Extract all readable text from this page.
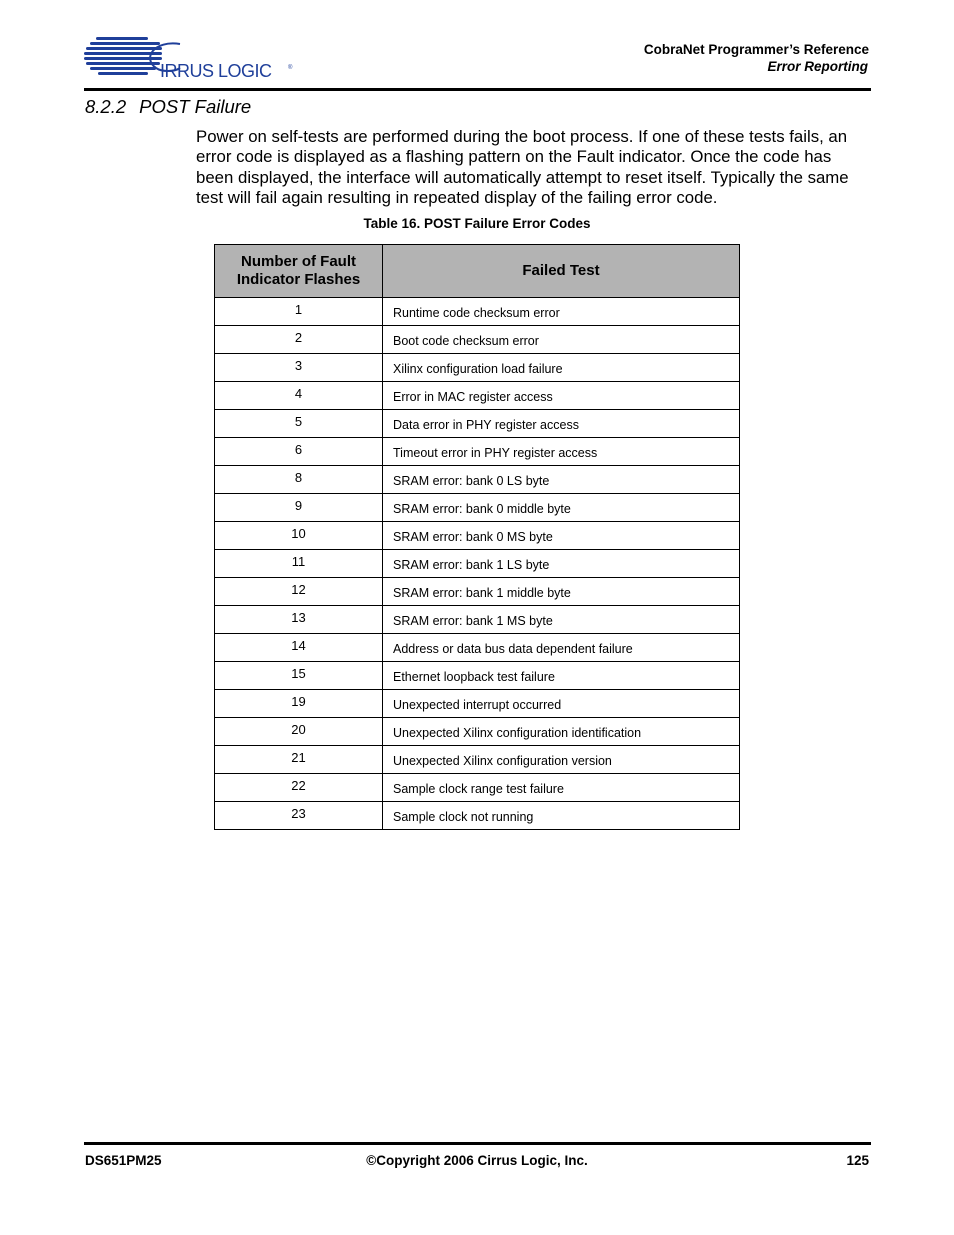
IRRUS LOGIC	®
CobraNet Programmer’s Reference
Error Reporting
8.2.2 POST Failure

Power on self-tests are performed during the boot process. If one of these tests fails, an error code is displayed as a flashing pattern on the Fault indicator. Once the code has been displayed, the interface will automatically attempt to reset itself. Typically the same test will fail again resulting in repeated display of the failing error code.

Table 16. POST Failure Error Codes
Number of Fault
Indicator Flashes	Failed Test
1	Runtime code checksum error
2	Boot code checksum error
3	Xilinx configuration load failure
4	Error in MAC register access
5	Data error in PHY register access
6	Timeout error in PHY register access
8	SRAM error: bank 0 LS byte
9	SRAM error: bank 0 middle byte
10	SRAM error: bank 0 MS byte
11	SRAM error: bank 1 LS byte
12	SRAM error: bank 1 middle byte
13	SRAM error: bank 1 MS byte
14	Address or data bus data dependent failure
15	Ethernet loopback test failure
19	Unexpected interrupt occurred
20	Unexpected Xilinx configuration identification
21	Unexpected Xilinx configuration version
22	Sample clock range test failure
23	Sample clock not running
DS651PM25	©Copyright 2006 Cirrus Logic, Inc.	125
